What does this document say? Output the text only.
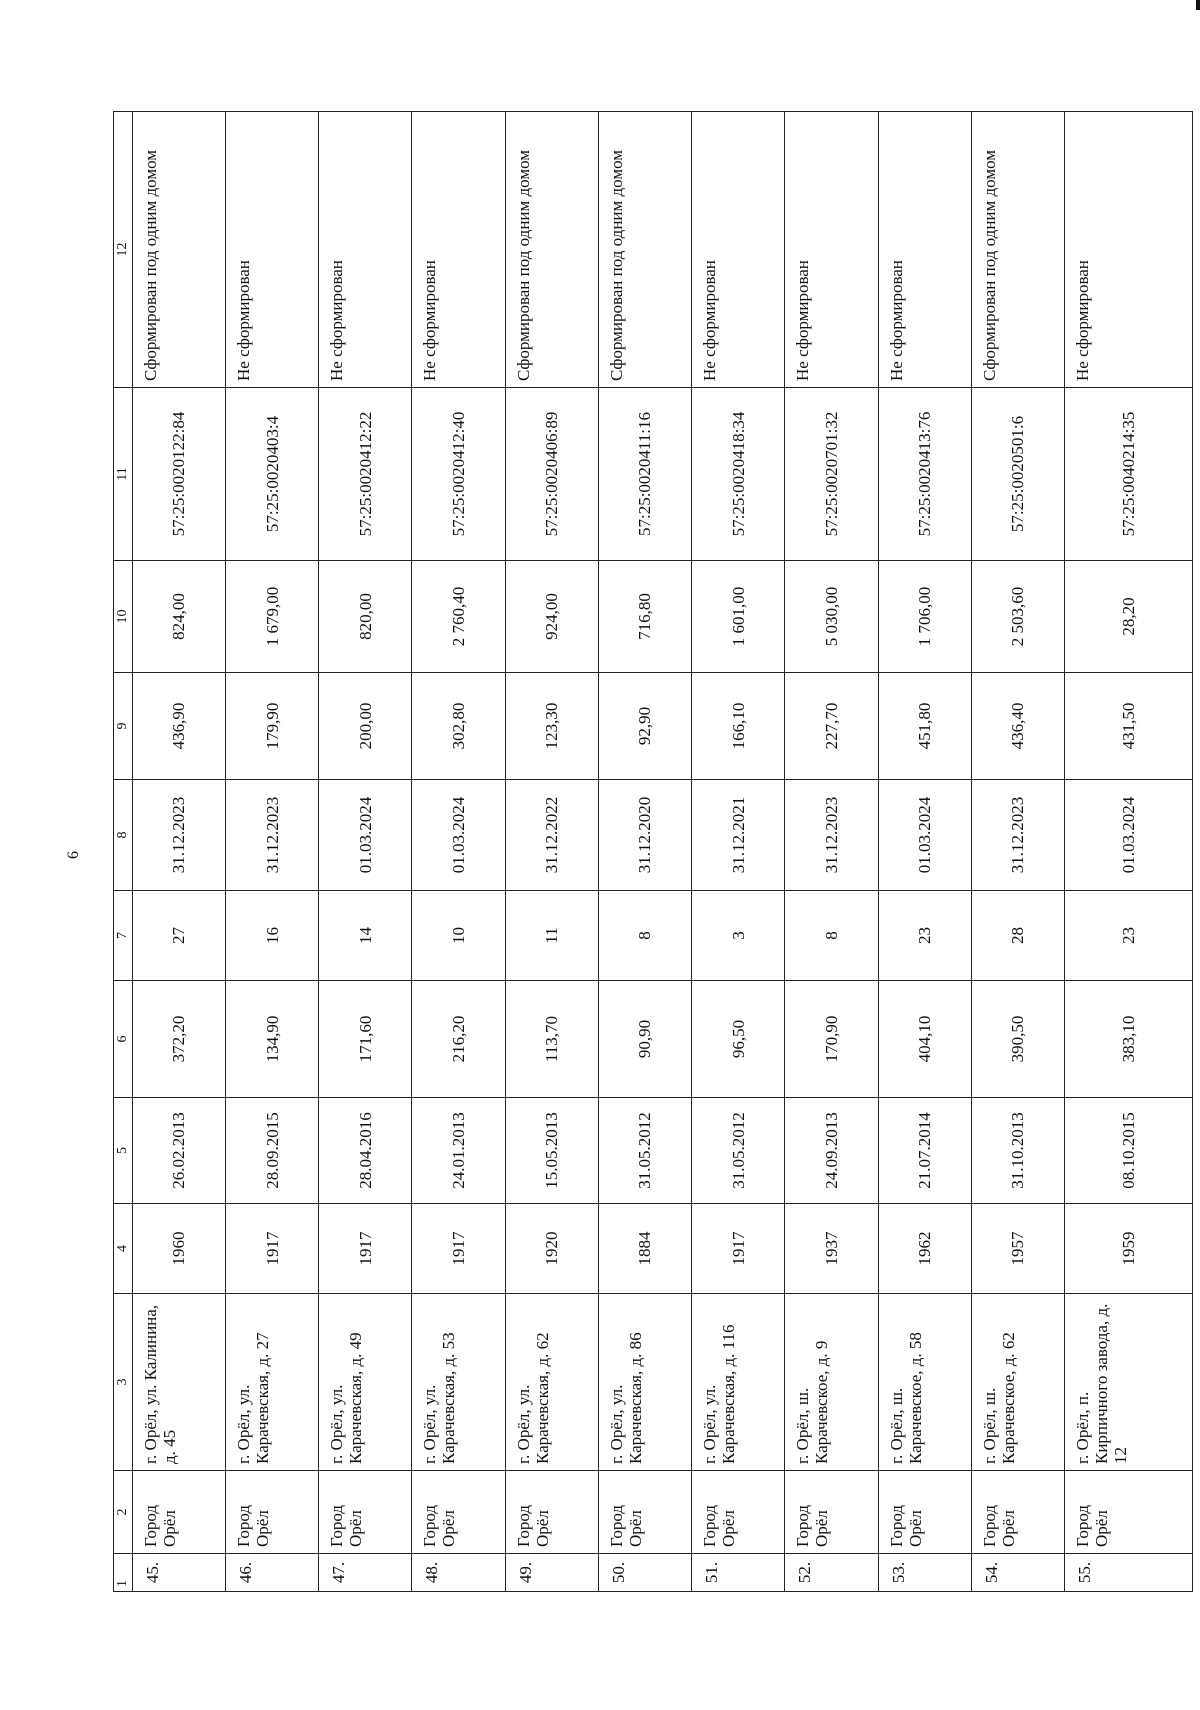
6
1	2	3	4	5	6	7	8	9	10	11	12
45.	Город Орёл	г. Орёл, ул. Калинина, д. 45	1960	26.02.2013	372,20	27	31.12.2023	436,90	824,00	57:25:0020122:84	Сформирован под одним домом
46.	Город Орёл	г. Орёл, ул. Карачевская, д. 27	1917	28.09.2015	134,90	16	31.12.2023	179,90	1 679,00	57:25:0020403:4	Не сформирован
47.	Город Орёл	г. Орёл, ул. Карачевская, д. 49	1917	28.04.2016	171,60	14	01.03.2024	200,00	820,00	57:25:0020412:22	Не сформирован
48.	Город Орёл	г. Орёл, ул. Карачевская, д. 53	1917	24.01.2013	216,20	10	01.03.2024	302,80	2 760,40	57:25:0020412:40	Не сформирован
49.	Город Орёл	г. Орёл, ул. Карачевская, д. 62	1920	15.05.2013	113,70	11	31.12.2022	123,30	924,00	57:25:0020406:89	Сформирован под одним домом
50.	Город Орёл	г. Орёл, ул. Карачевская, д. 86	1884	31.05.2012	90,90	8	31.12.2020	92,90	716,80	57:25:0020411:16	Сформирован под одним домом
51.	Город Орёл	г. Орёл, ул. Карачевская, д. 116	1917	31.05.2012	96,50	3	31.12.2021	166,10	1 601,00	57:25:0020418:34	Не сформирован
52.	Город Орёл	г. Орёл, ш. Карачевское, д. 9	1937	24.09.2013	170,90	8	31.12.2023	227,70	5 030,00	57:25:0020701:32	Не сформирован
53.	Город Орёл	г. Орёл, ш. Карачевское, д. 58	1962	21.07.2014	404,10	23	01.03.2024	451,80	1 706,00	57:25:0020413:76	Не сформирован
54.	Город Орёл	г. Орёл, ш. Карачевское, д. 62	1957	31.10.2013	390,50	28	31.12.2023	436,40	2 503,60	57:25:0020501:6	Сформирован под одним домом
55.	Город Орёл	г. Орёл, п. Кирпичного завода, д. 12	1959	08.10.2015	383,10	23	01.03.2024	431,50	28,20	57:25:0040214:35	Не сформирован
